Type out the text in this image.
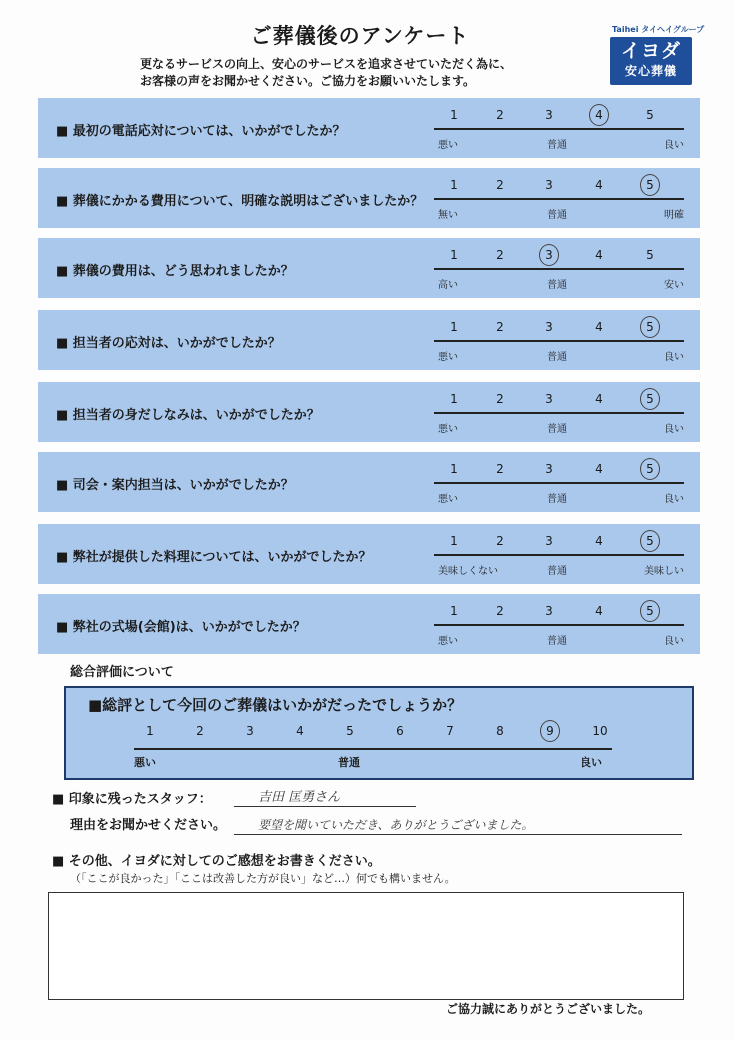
ご葬儀後のアンケート
更なるサービスの向上、安心のサービスを追求させていただく為に、
お客様の声をお聞かせください。ご協力をお願いいたします。
Taihei タイヘイグループ
イヨダ
安心葬儀
■ 最初の電話応対については、いかがでしたか？
1	2	3	4	5
悪い	普通	良い
■ 葬儀にかかる費用について、明確な説明はございましたか？
1	2	3	4	5
無い	普通	明確
■ 葬儀の費用は、どう思われましたか？
1	2	3	4	5
高い	普通	安い
■ 担当者の応対は、いかがでしたか？
1	2	3	4	5
悪い	普通	良い
■ 担当者の身だしなみは、いかがでしたか？
1	2	3	4	5
悪い	普通	良い
■ 司会・案内担当は、いかがでしたか？
1	2	3	4	5
悪い	普通	良い
■ 弊社が提供した料理については、いかがでしたか？
1	2	3	4	5
美味しくない	普通	美味しい
■ 弊社の式場(会館)は、いかがでしたか？
1	2	3	4	5
悪い	普通	良い
総合評価について
■総評として今回のご葬儀はいかがだったでしょうか？
悪い	普通	良い
1	2	3	4	5	6	7	8	9	10
■ 印象に残ったスタッフ：	吉田 匡勇さん
理由をお聞かせください。	要望を聞いていただき、ありがとうございました。
■ その他、イヨダに対してのご感想をお書きください。
（「ここが良かった」「ここは改善した方が良い」など…）何でも構いません。
ご協力誠にありがとうございました。
